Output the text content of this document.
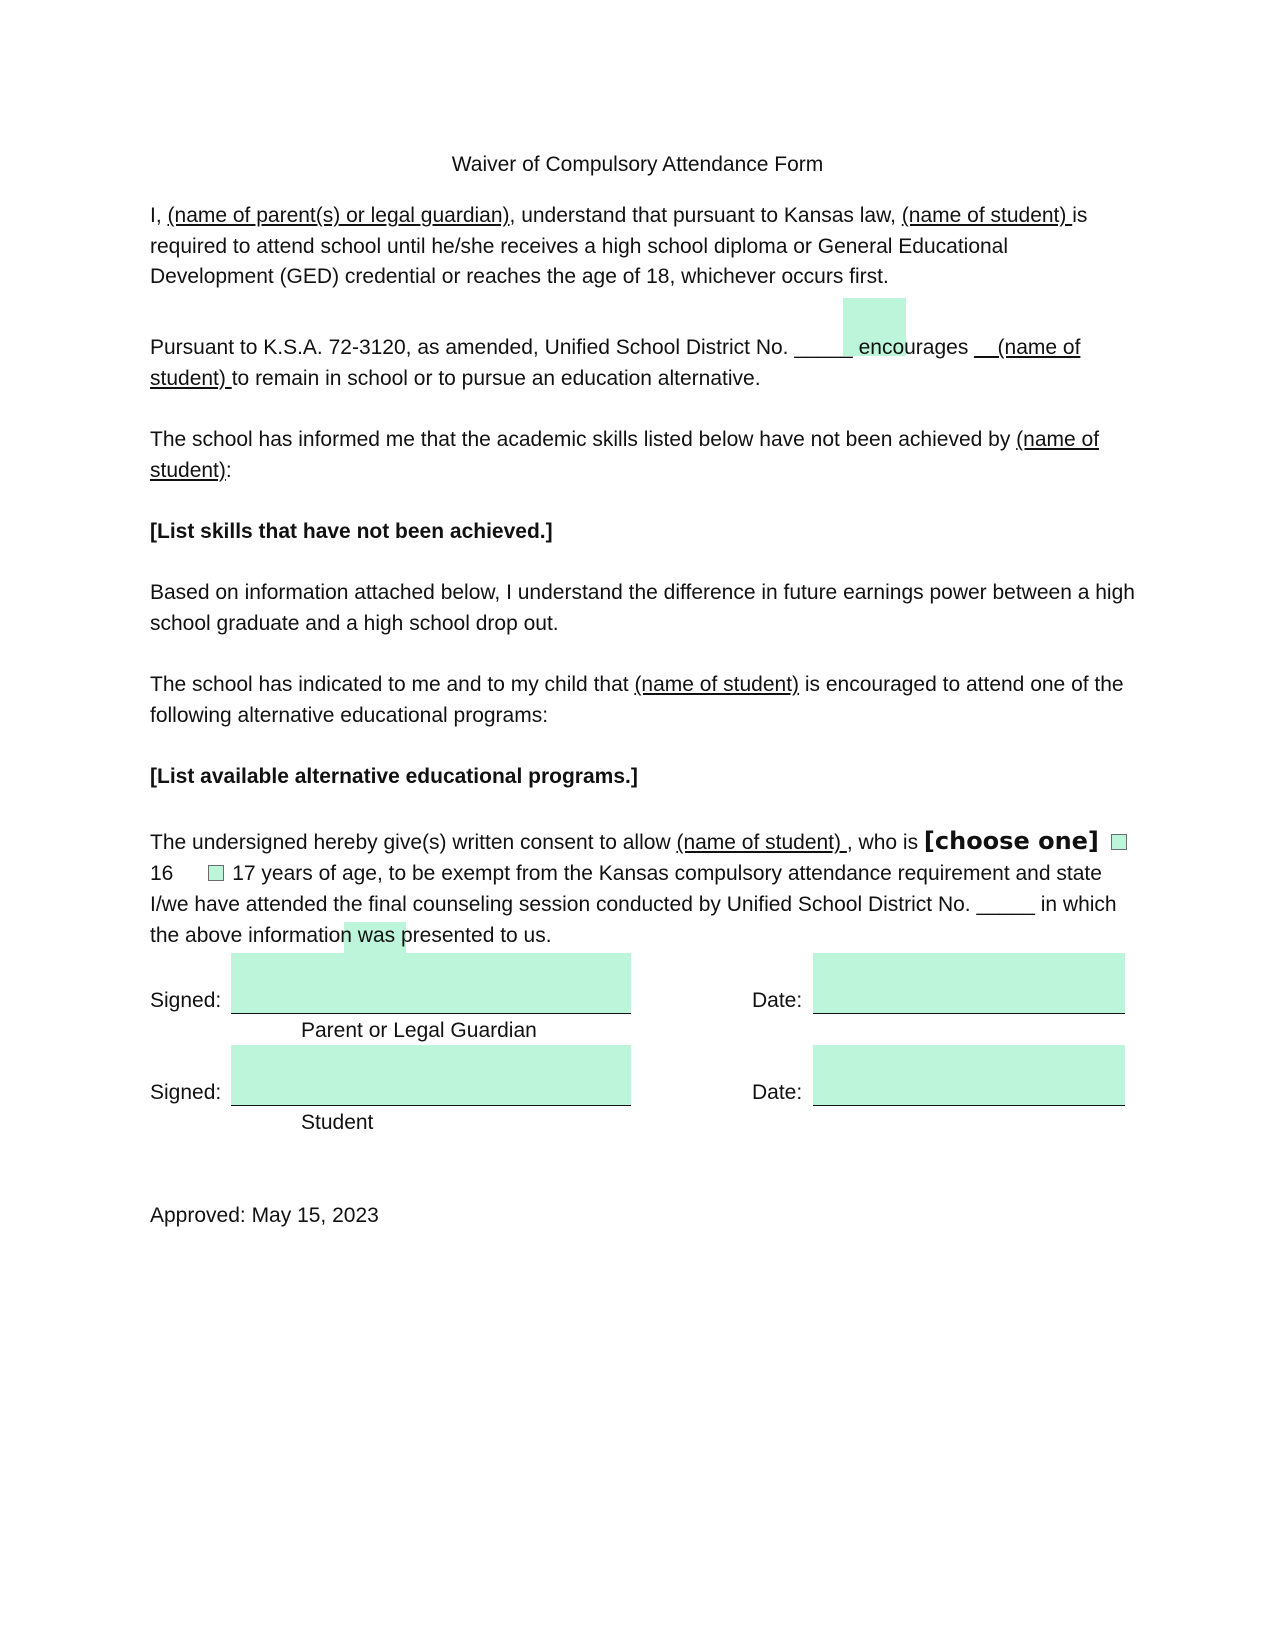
Waiver of Compulsory Attendance Form
I, (name of parent(s) or legal guardian), understand that pursuant to Kansas law, (name of student) is required to attend school until he/she receives a high school diploma or General Educational Development (GED) credential or reaches the age of 18, whichever occurs first.
Pursuant to K.S.A. 72-3120, as amended, Unified School District No. _____ encourages __(name of student) to remain in school or to pursue an education alternative.
The school has informed me that the academic skills listed below have not been achieved by (name of student):
[List skills that have not been achieved.]
Based on information attached below, I understand the difference in future earnings power between a high school graduate and a high school drop out.
The school has indicated to me and to my child that (name of student) is encouraged to attend one of the following alternative educational programs:
[List available alternative educational programs.]
The undersigned hereby give(s) written consent to allow (name of student) , who is [choose one]  16	17 years of age, to be exempt from the Kansas compulsory attendance requirement and state I/we have attended the final counseling session conducted by Unified School District No. _____ in which the above information was presented to us.
Signed:	Date:
Parent or Legal Guardian
Signed:	Date:
Student
Approved: May 15, 2023
